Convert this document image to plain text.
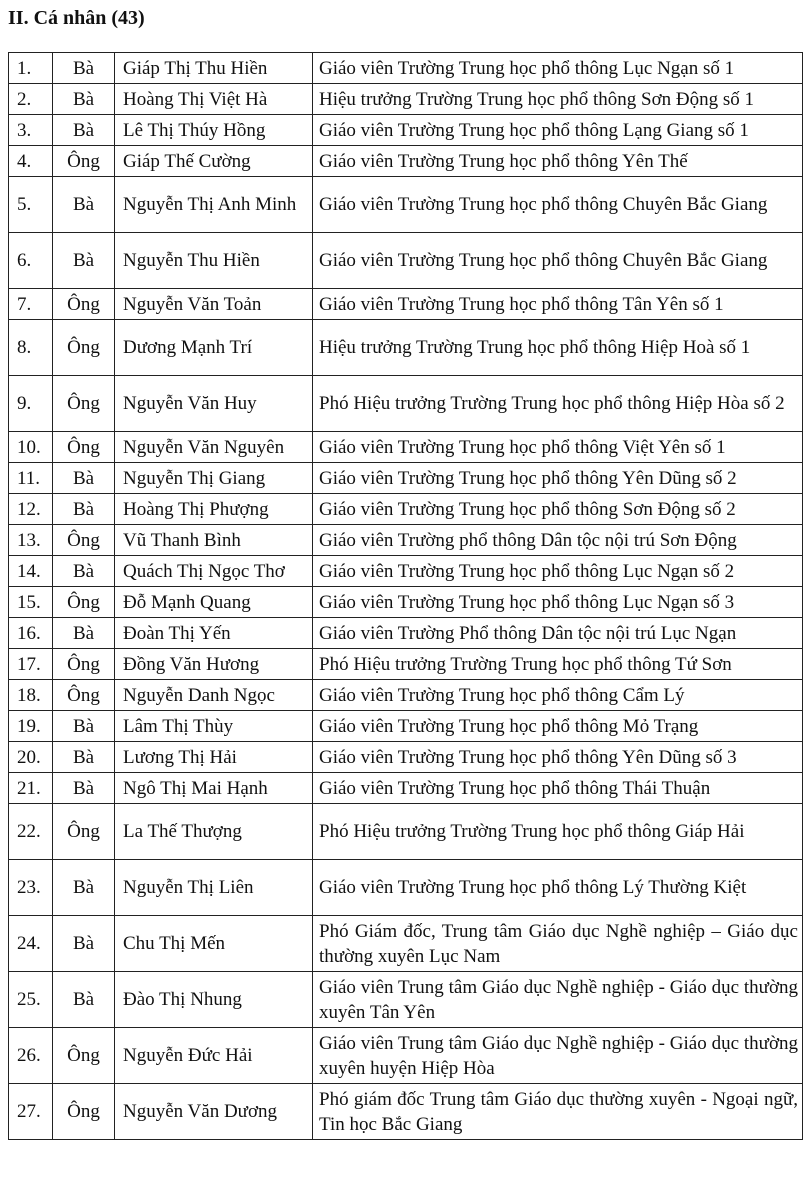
II. Cá nhân (43)
1.	Bà	Giáp Thị Thu Hiền	Giáo viên Trường Trung học phổ thông Lục Ngạn số 1
2.	Bà	Hoàng Thị Việt Hà	Hiệu trưởng Trường Trung học phổ thông Sơn Động số 1
3.	Bà	Lê Thị Thúy Hồng	Giáo viên Trường Trung học phổ thông Lạng Giang số 1
4.	Ông	Giáp Thế Cường	Giáo viên Trường Trung học phổ thông Yên Thế
5.	Bà	Nguyễn Thị Anh Minh	Giáo viên Trường Trung học phổ thông Chuyên Bắc Giang
6.	Bà	Nguyễn Thu Hiền	Giáo viên Trường Trung học phổ thông Chuyên Bắc Giang
7.	Ông	Nguyễn Văn Toản	Giáo viên Trường Trung học phổ thông Tân Yên số 1
8.	Ông	Dương Mạnh Trí	Hiệu trưởng Trường Trung học phổ thông Hiệp Hoà số 1
9.	Ông	Nguyễn Văn Huy	Phó Hiệu trưởng Trường Trung học phổ thông Hiệp Hòa số 2
10.	Ông	Nguyễn Văn Nguyên	Giáo viên Trường Trung học phổ thông Việt Yên số 1
11.	Bà	Nguyễn Thị Giang	Giáo viên Trường Trung học phổ thông Yên Dũng số 2
12.	Bà	Hoàng Thị Phượng	Giáo viên Trường Trung học phổ thông Sơn Động số 2
13.	Ông	Vũ Thanh Bình	Giáo viên Trường phổ thông Dân tộc nội trú Sơn Động
14.	Bà	Quách Thị Ngọc Thơ	Giáo viên Trường Trung học phổ thông Lục Ngạn số 2
15.	Ông	Đỗ Mạnh Quang	Giáo viên Trường Trung học phổ thông Lục Ngạn số 3
16.	Bà	Đoàn Thị Yến	Giáo viên Trường Phổ thông Dân tộc nội trú Lục Ngạn
17.	Ông	Đồng Văn Hương	Phó Hiệu trưởng Trường Trung học phổ thông Tứ Sơn
18.	Ông	Nguyễn Danh Ngọc	Giáo viên Trường Trung học phổ thông Cẩm Lý
19.	Bà	Lâm Thị Thùy	Giáo viên Trường Trung học phổ thông Mỏ Trạng
20.	Bà	Lương Thị Hải	Giáo viên Trường Trung học phổ thông Yên Dũng số 3
21.	Bà	Ngô Thị Mai Hạnh	Giáo viên Trường Trung học phổ thông Thái Thuận
22.	Ông	La Thế Thượng	Phó Hiệu trưởng Trường Trung học phổ thông Giáp Hải
23.	Bà	Nguyễn Thị Liên	Giáo viên Trường Trung học phổ thông Lý Thường Kiệt
24.	Bà	Chu Thị Mến	Phó Giám đốc, Trung tâm Giáo dục Nghề nghiệp – Giáo dục thường xuyên Lục Nam
25.	Bà	Đào Thị Nhung	Giáo viên Trung tâm Giáo dục Nghề nghiệp - Giáo dục thường xuyên Tân Yên
26.	Ông	Nguyễn Đức Hải	Giáo viên Trung tâm Giáo dục Nghề nghiệp - Giáo dục thường xuyên huyện Hiệp Hòa
27.	Ông	Nguyễn Văn Dương	Phó giám đốc Trung tâm Giáo dục thường xuyên - Ngoại ngữ, Tin học Bắc Giang
